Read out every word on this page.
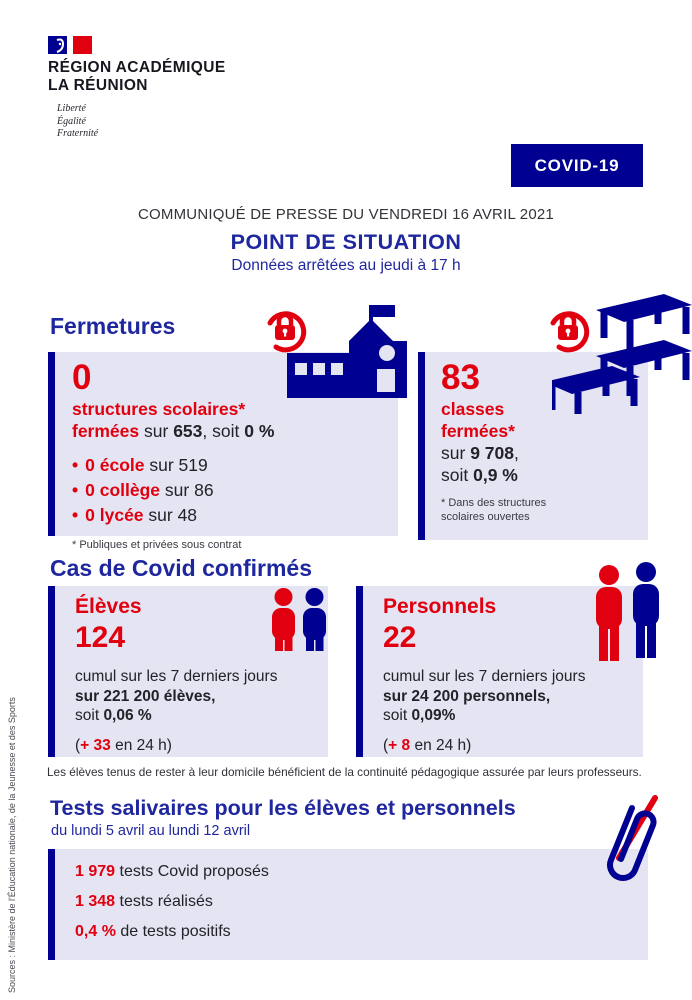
RÉGION ACADÉMIQUE
LA RÉUNION
Liberté
Égalité
Fraternité
COVID-19
COMMUNIQUÉ DE PRESSE DU VENDREDI 16 AVRIL 2021
POINT DE SITUATION
Données arrêtées au jeudi à 17 h
Fermetures
0
structures scolaires*
fermées sur 653, soit 0 %
• 0 école sur 519
• 0 collège sur 86
• 0 lycée sur 48
* Publiques et privées sous contrat
83
classes
fermées*
sur 9 708,
soit 0,9 %
* Dans des structures
scolaires ouvertes
Cas de Covid confirmés
Élèves
124
cumul sur les 7 derniers jours
sur 221 200 élèves,
soit 0,06 %
(+ 33 en 24 h)
Personnels
22
cumul sur les 7 derniers jours
sur 24 200 personnels,
soit 0,09%
(+ 8 en 24 h)
Les élèves tenus de rester à leur domicile bénéficient de la continuité pédagogique assurée par leurs professeurs.
Tests salivaires pour les élèves et personnels
du lundi 5 avril au lundi 12 avril
1 979 tests Covid proposés
1 348 tests réalisés
0,4 % de tests positifs
Sources : Ministère de l'Éducation nationale, de la Jeunesse et des Sports
